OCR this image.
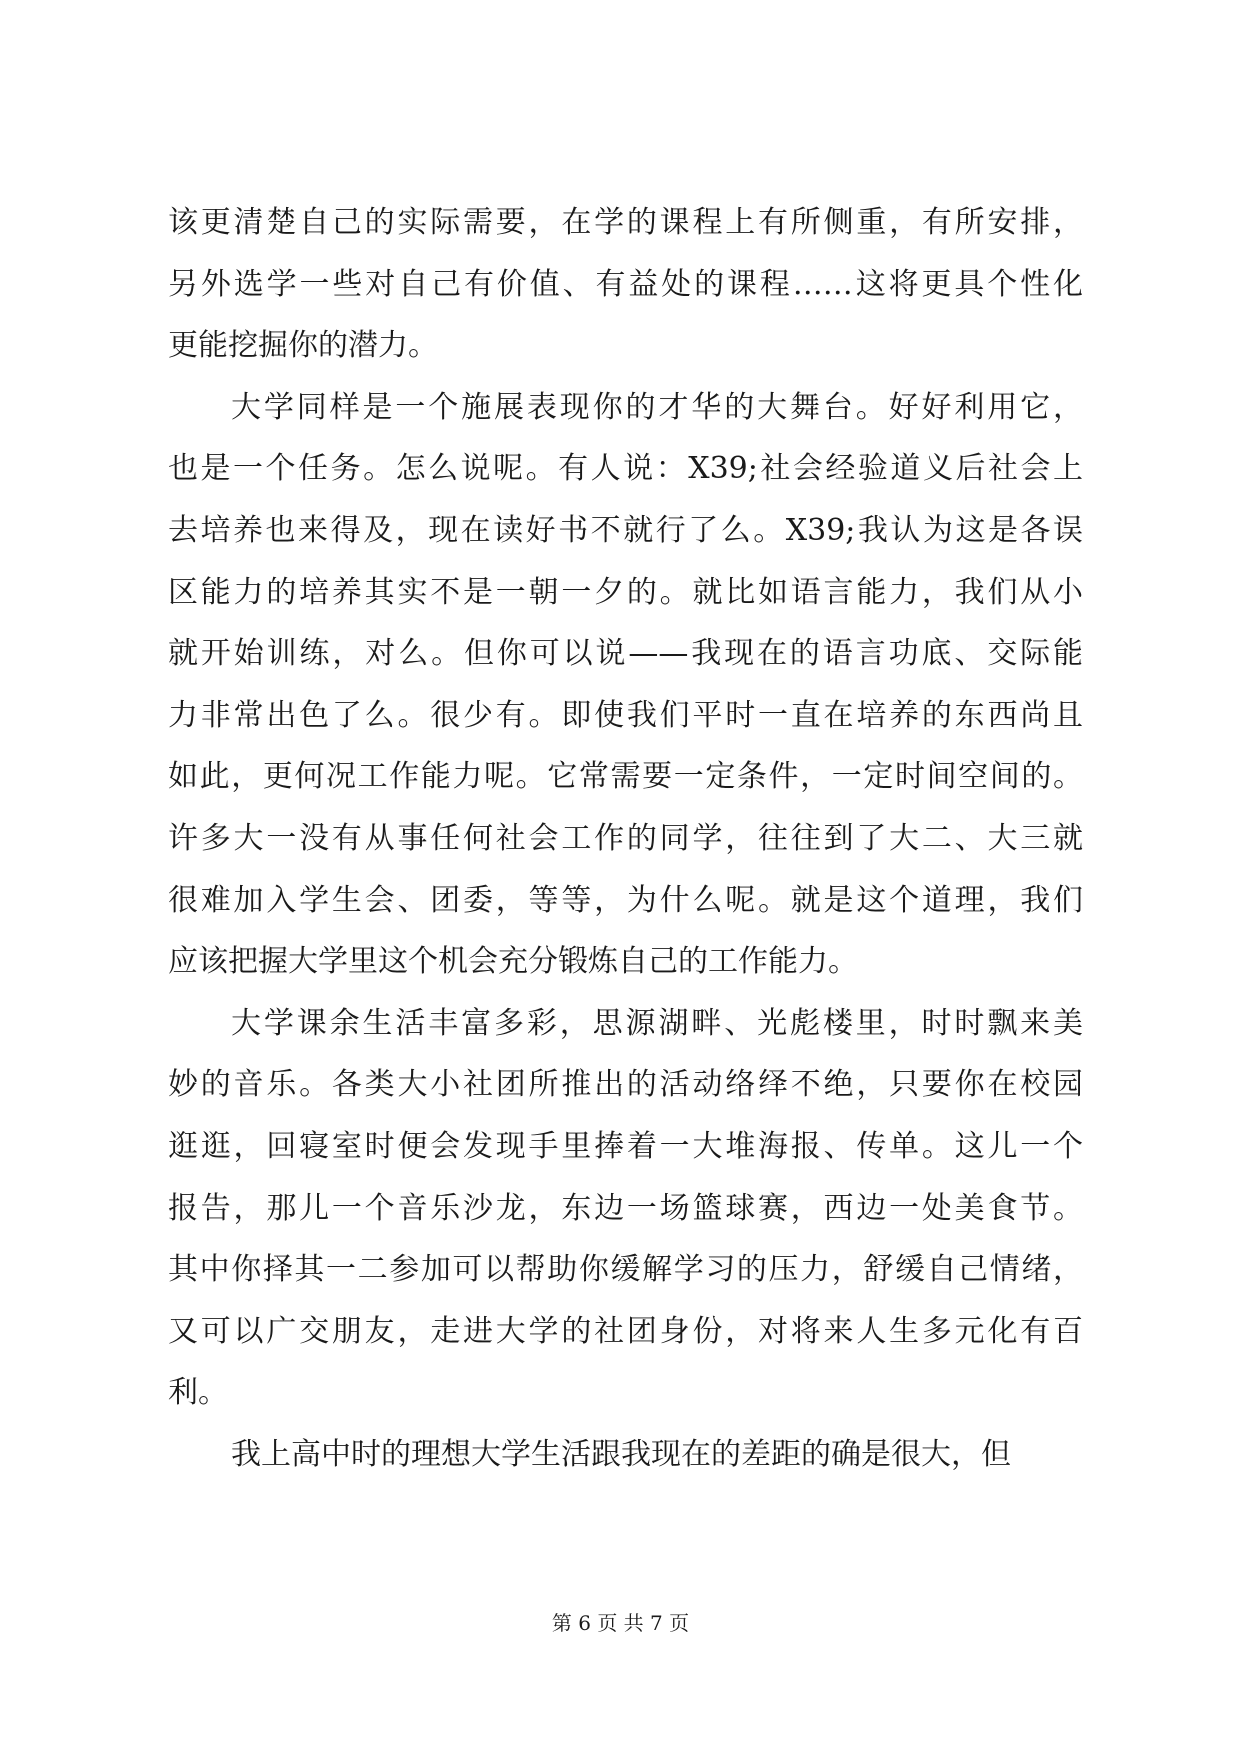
该更清楚自己的实际需要，在学的课程上有所侧重，有所安排，
另外选学一些对自己有价值、有益处的课程……这将更具个性化
更能挖掘你的潜力。
大学同样是一个施展表现你的才华的大舞台。好好利用它，
也是一个任务。怎么说呢。有人说：X39;社会经验道义后社会上
去培养也来得及，现在读好书不就行了么。X39;我认为这是各误
区能力的培养其实不是一朝一夕的。就比如语言能力，我们从小
就开始训练，对么。但你可以说——我现在的语言功底、交际能
力非常出色了么。很少有。即使我们平时一直在培养的东西尚且
如此，更何况工作能力呢。它常需要一定条件，一定时间空间的。
许多大一没有从事任何社会工作的同学，往往到了大二、大三就
很难加入学生会、团委，等等，为什么呢。就是这个道理，我们
应该把握大学里这个机会充分锻炼自己的工作能力。
大学课余生活丰富多彩，思源湖畔、光彪楼里，时时飘来美
妙的音乐。各类大小社团所推出的活动络绎不绝，只要你在校园
逛逛，回寝室时便会发现手里捧着一大堆海报、传单。这儿一个
报告，那儿一个音乐沙龙，东边一场篮球赛，西边一处美食节。
其中你择其一二参加可以帮助你缓解学习的压力，舒缓自己情绪，
又可以广交朋友，走进大学的社团身份，对将来人生多元化有百
利。
我上高中时的理想大学生活跟我现在的差距的确是很大，但
第 6 页 共 7 页
